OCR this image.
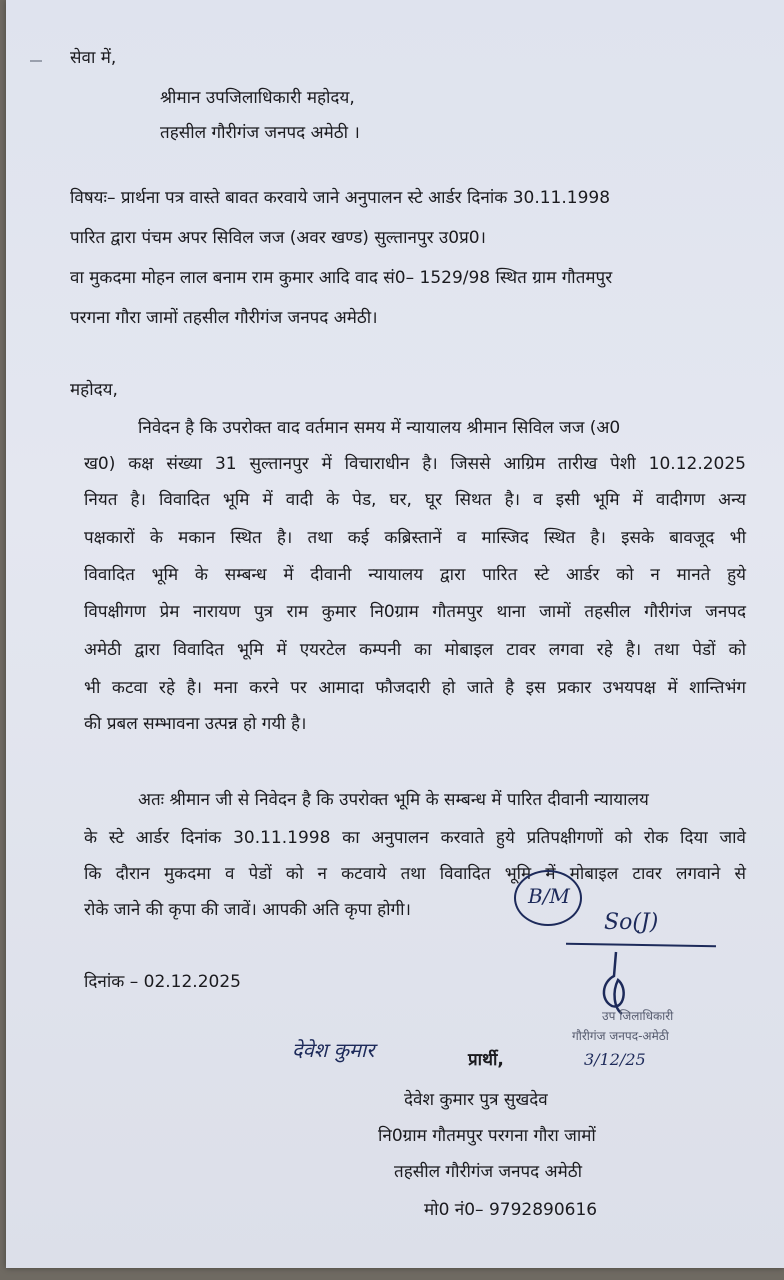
सेवा में,
श्रीमान उपजिलाधिकारी महोदय,
तहसील गौरीगंज जनपद अमेठी ।
विषयः– प्रार्थना पत्र वास्ते बावत करवाये जाने अनुपालन स्टे आर्डर दिनांक 30.11.1998
पारित द्वारा पंचम अपर सिविल जज (अवर खण्ड) सुल्तानपुर उ0प्र0।
वा मुकदमा मोहन लाल बनाम राम कुमार आदि वाद सं0– 1529/98 स्थित ग्राम गौतमपुर
परगना गौरा जामों तहसील गौरीगंज जनपद अमेठी।
महोदय,
निवेदन है कि उपरोक्त वाद वर्तमान समय में न्यायालय श्रीमान सिविल जज (अ0
ख0) कक्ष संख्या 31 सुल्तानपुर में विचाराधीन है। जिससे आग्रिम तारीख पेशी 10.12.2025
नियत है। विवादित भूमि में वादी के पेड, घर, घूर सिथत है। व इसी भूमि में वादीगण अन्य
पक्षकारों के मकान स्थित है। तथा कई कब्रिस्तानें व मास्जिद स्थित है। इसके बावजूद भी
विवादित भूमि के सम्बन्ध में दीवानी न्यायालय द्वारा पारित स्टे आर्डर को न मानते हुये
विपक्षीगण प्रेम नारायण पुत्र राम कुमार नि0ग्राम गौतमपुर थाना जामों तहसील गौरीगंज जनपद
अमेठी द्वारा विवादित भूमि में एयरटेल कम्पनी का मोबाइल टावर लगवा रहे है। तथा पेडों को
भी कटवा रहे है। मना करने पर आमादा फौजदारी हो जाते है इस प्रकार उभयपक्ष में शान्तिभंग
की प्रबल सम्भावना उत्पन्न हो गयी है।
अतः श्रीमान जी से निवेदन है कि उपरोक्त भूमि के सम्बन्ध में पारित दीवानी न्यायालय
के स्टे आर्डर दिनांक 30.11.1998 का अनुपालन करवाते हुये प्रतिपक्षीगणों को रोक दिया जावे
कि दौरान मुकदमा व पेडों को न कटवाये तथा विवादित भूमि में मोबाइल टावर लगवाने से
रोके जाने की कृपा की जावें। आपकी अति कृपा होगी।
B/M
So(J)
दिनांक – 02.12.2025
उप जिलाधिकारी
गौरीगंज जनपद-अमेठी
3/12/25
देवेश कुमार	प्रार्थी,
देवेश कुमार पुत्र सुखदेव
नि0ग्राम गौतमपुर परगना गौरा जामों
तहसील गौरीगंज जनपद अमेठी
मो0 नं0– 9792890616
